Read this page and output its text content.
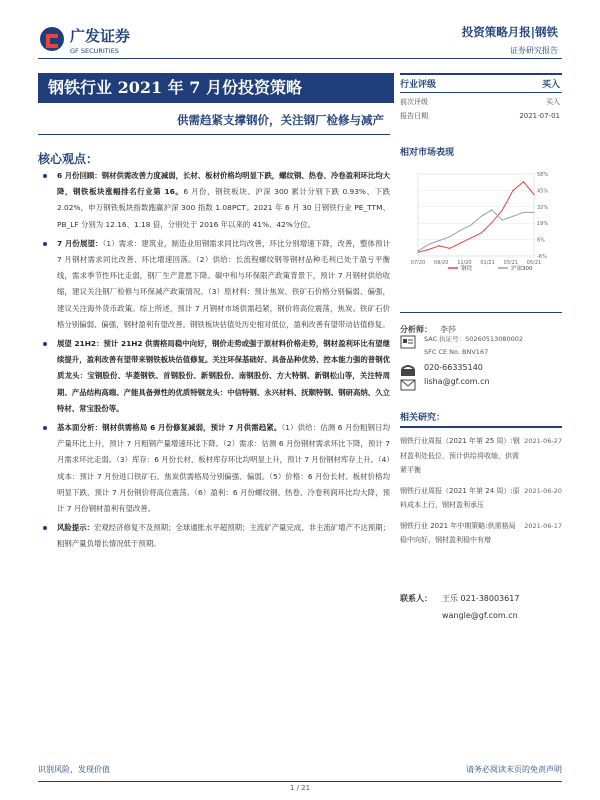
广发证券
GF SECURITIES
投资策略月报|钢铁
证券研究报告
钢铁行业 2021 年 7 月份投资策略
供需趋紧支撑钢价，关注钢厂检修与减产
核心观点：
6 月份回顾：钢材供需改善力度减弱，长材、板材价格均明显下跌，螺纹钢、热卷、冷卷盈利环比均大降，钢铁板块涨幅排名行业第 16。6 月份，钢铁板块、沪深 300 累计分别下跌 0.93%、下跌 2.02%，申万钢铁板块指数跑赢沪深 300 指数 1.08PCT。2021 年 6 月 30 日钢铁行业 PE_TTM、PB_LF 分别为 12.16、1.18 倍，分别处于 2016 年以来的 41%、42%分位。
7 月份展望：（1）需求：建筑业，制造业用钢需求同比均改善，环比分别增速下降，改善，整体预计 7 月钢材需求同比改善、环比增速回落。（2）供给：长流程螺纹钢等钢材品种毛利已处于盈亏平衡线，需求季节性环比走弱，钢厂生产意愿下降。碳中和与环保限产政策背景下，预计 7 月钢材供给收缩，建议关注钢厂检修与环保减产政策情况。（3）原材料：预计焦炭、铁矿石价格分别偏弱、偏强，建议关注海外货币政策。综上所述，预计 7 月钢材市场供需趋紧，钢价将高位震荡，焦炭、铁矿石价格分别偏弱、偏强，钢材盈利有望改善。钢铁板块估值处历史相对低位，盈利改善有望带动估值修复。
展望 21H2：预计 21H2 供需格局稳中向好，钢价走势或强于原材料价格走势，钢材盈利环比有望继续提升，盈利改善有望带来钢铁板块估值修复。关注环保基础好、具备品种优势、控本能力强的普钢优质龙头：宝钢股份、华菱钢铁、首钢股份、新钢股份、南钢股份、方大特钢、新钢松山等，关注特周期、产品结构高端、产能具备弹性的优质特钢龙头：中信特钢、永兴材料、抚顺特钢、钢研高纳、久立特材、常宝股份等。
基本面分析：钢材供需格局 6 月份修复减弱，预计 7 月供需趋紧。（1）供给：估测 6 月份粗钢日均产量环比上升，预计 7 月粗钢产量增速环比下降。（2）需求：估测 6 月份钢材需求环比下降，预计 7 月需求环比走弱。（3）库存：6 月份长材、板材库存环比均明显上升，预计 7 月份钢材库存上升。（4）成本：预计 7 月份进口铁矿石、焦炭供需格局分别偏强、偏弱。（5）价格：6 月份长材、板材价格均明显下跌，预计 7 月份钢价将高位震荡。（6）盈利：6 月份螺纹钢、热卷、冷卷利润环比均大降，预计 7 月份钢材盈利有望改善。
风险提示：宏观经济修复不及预期；全球通胀水平超预期；主流矿产量完成、非主流矿增产不达预期；粗钢产量负增长情况低于预期。
行业评级	买入
前次评级	买入
报告日期	2021-07-01
相对市场表现
-6%
6%
19%
32%
45%
58%
07/20 09/20 11/20 01/21 03/21 05/21
钢铁	沪深300
分析师： 李莎
SAC 执证号：S0260513080002
SFC CE No. BNV167
020-66335140
lisha@gf.com.cn
相关研究：
钢铁行业周报（2021 年第 25 周）:钢材盈利处低位，预计供给将收缩，供需紧平衡
2021-06-27
钢铁行业周报（2021 年第 24 周）:原料成本上行，钢材盈利承压
2021-06-20
钢铁行业 2021 年中期策略:供需格局稳中向好，钢材盈利稳中有增
2021-06-17
联系人： 王乐 021-38003617
wangle@gf.com.cn
识别风险，发现价值	请务必阅读末页的免责声明
1 / 21
